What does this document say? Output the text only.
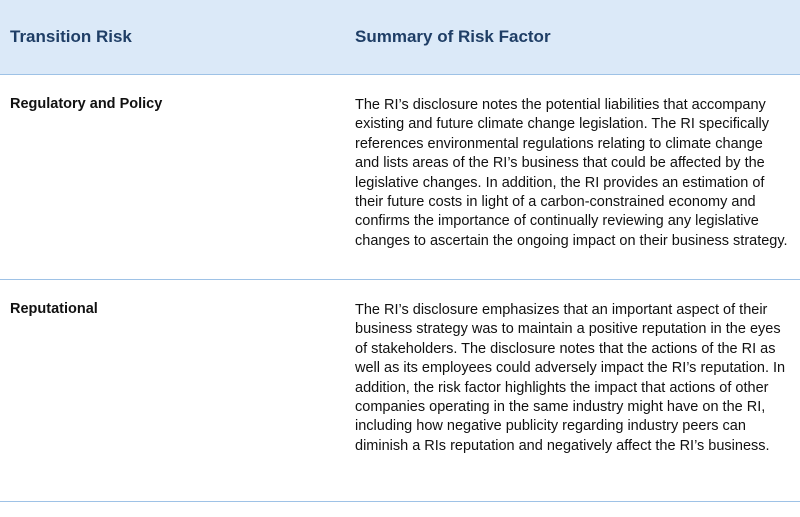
Transition Risk	Summary of Risk Factor
Regulatory and Policy	The RI’s disclosure notes the potential liabilities that accompany existing and future climate change legislation. The RI specifically references environmental regulations relating to climate change and lists areas of the RI’s business that could be affected by the legislative changes. In addition, the RI provides an estimation of their future costs in light of a carbon-constrained economy and confirms the importance of continually reviewing any legislative changes to ascertain the ongoing impact on their business strategy.
Reputational	The RI’s disclosure emphasizes that an important aspect of their business strategy was to maintain a positive reputation in the eyes of stakeholders. The disclosure notes that the actions of the RI as well as its employees could adversely impact the RI’s reputation. In addition, the risk factor highlights the impact that actions of other companies operating in the same industry might have on the RI, including how negative publicity regarding industry peers can diminish a RIs reputation and negatively affect the RI’s business.
